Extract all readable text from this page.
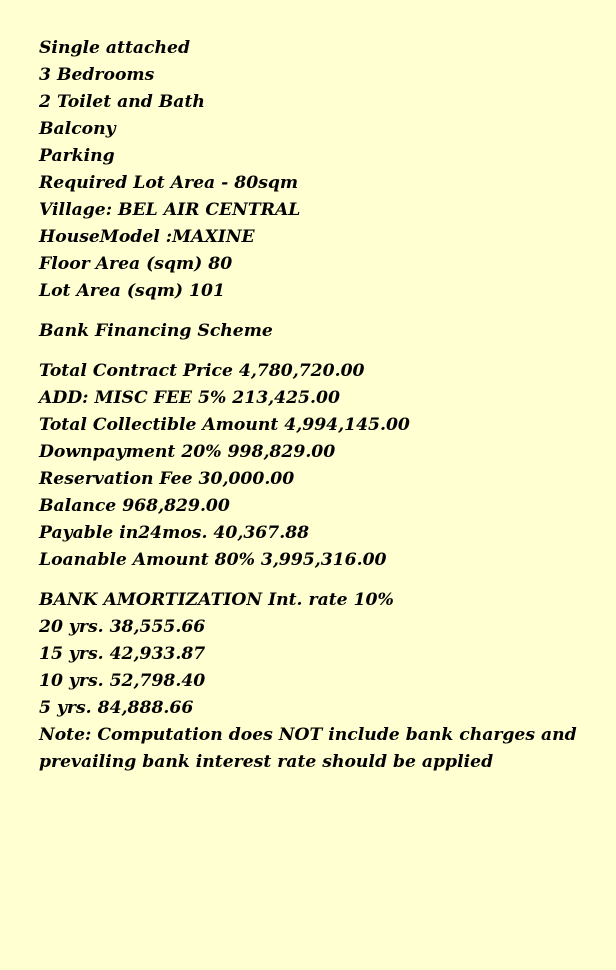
Single attached
3 Bedrooms
2 Toilet and Bath
Balcony
Parking
Required Lot Area - 80sqm
Village: BEL AIR CENTRAL
HouseModel :MAXINE
Floor Area (sqm) 80
Lot Area (sqm) 101
Bank Financing Scheme
Total Contract Price 4,780,720.00
ADD: MISC FEE 5% 213,425.00
Total Collectible Amount 4,994,145.00
Downpayment 20% 998,829.00
Reservation Fee 30,000.00
Balance 968,829.00
Payable in24mos. 40,367.88
Loanable Amount 80% 3,995,316.00
BANK AMORTIZATION Int. rate 10%
20 yrs. 38,555.66
15 yrs. 42,933.87
10 yrs. 52,798.40
5 yrs. 84,888.66
Note: Computation does NOT include bank charges and prevailing bank interest rate should be applied
